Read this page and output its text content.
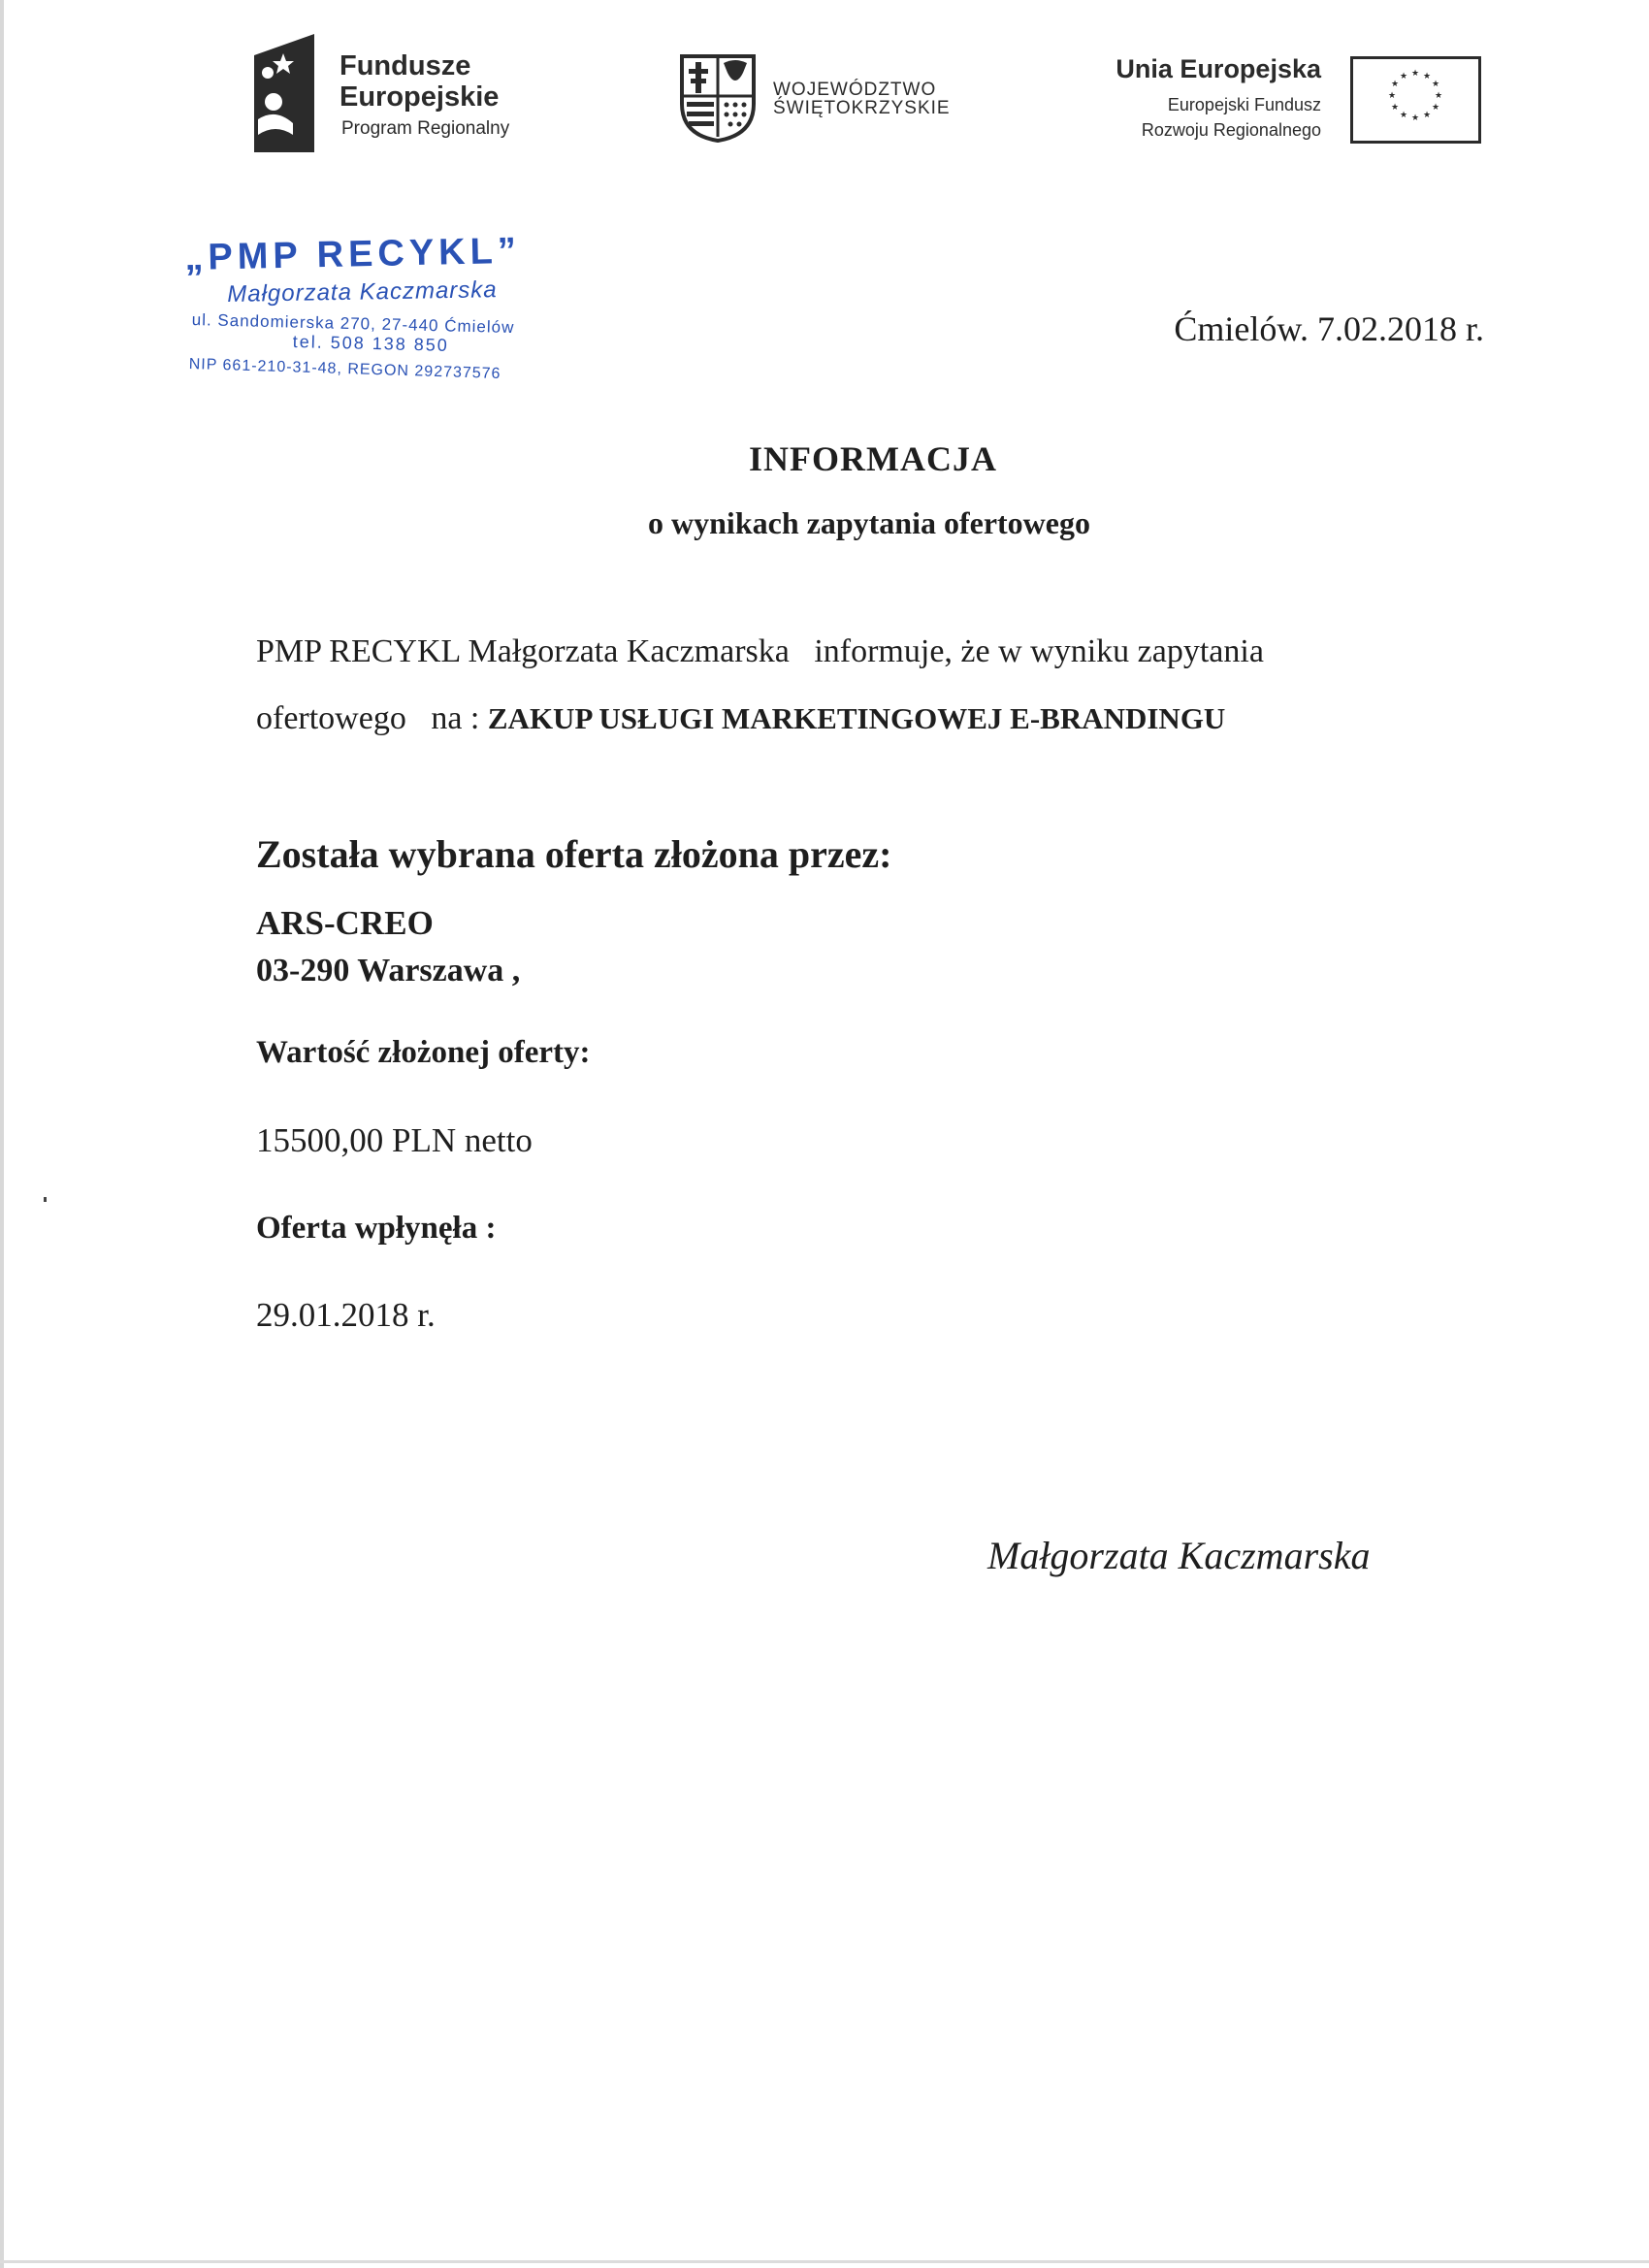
Fundusze
Europejskie
Program Regionalny
WOJEWÓDZTWO
ŚWIĘTOKRZYSKIE
Unia Europejska
Europejski Fundusz
Rozwoju Regionalnego
★ ★
★
★
★
★
★
★
★
★
★
★
„PMP RECYKL”
Małgorzata Kaczmarska
ul. Sandomierska 270, 27-440 Ćmielów
tel. 508 138 850
NIP 661-210-31-48, REGON 292737576
Ćmielów. 7.02.2018 r.
INFORMACJA
o wynikach zapytania ofertowego
PMP RECYKL Małgorzata Kaczmarska   informuje, że w wyniku zapytania
ofertowego   na : ZAKUP USŁUGI MARKETINGOWEJ E-BRANDINGU
Została wybrana oferta złożona przez:
ARS-CREO
03-290 Warszawa ,
Wartość złożonej oferty:
15500,00 PLN netto
Oferta wpłynęła :
29.01.2018 r.
Małgorzata Kaczmarska
